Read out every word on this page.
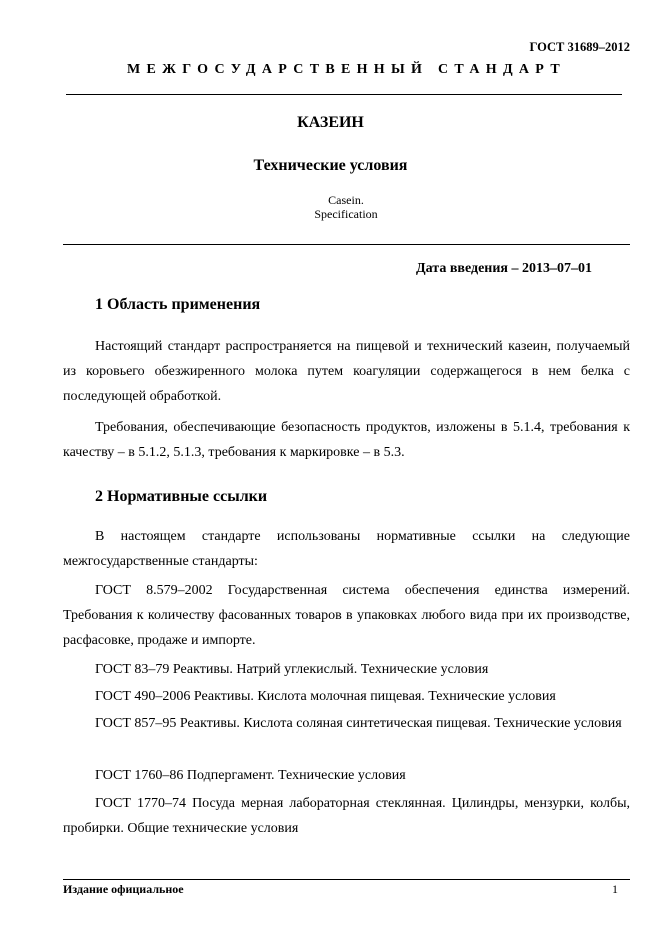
ГОСТ 31689–2012
МЕЖГОСУДАРСТВЕННЫЙ СТАНДАРТ
КАЗЕИН
Технические условия
Casein.
Specification
Дата введения – 2013–07–01
1 Область применения

Настоящий стандарт распространяется на пищевой и технический казеин, получаемый из коровьего обезжиренного молока путем коагуляции содержащегося в нем белка с последующей обработкой.

Требования, обеспечивающие безопасность продуктов, изложены в 5.1.4, требования к качеству – в 5.1.2, 5.1.3, требования к маркировке – в 5.3.

2 Нормативные ссылки

В настоящем стандарте использованы нормативные ссылки на следующие межгосударственные стандарты:

ГОСТ 8.579–2002 Государственная система обеспечения единства измерений. Требования к количеству фасованных товаров в упаковках любого вида при их производстве, расфасовке, продаже и импорте.

ГОСТ 83–79 Реактивы. Натрий углекислый. Технические условия

ГОСТ 490–2006 Реактивы. Кислота молочная пищевая. Технические условия

ГОСТ 857–95 Реактивы. Кислота соляная синтетическая пищевая. Технические условия

ГОСТ 1760–86 Подпергамент. Технические условия

ГОСТ 1770–74 Посуда мерная лабораторная стеклянная. Цилиндры, мензурки, колбы, пробирки. Общие технические условия

Издание официальное	1
